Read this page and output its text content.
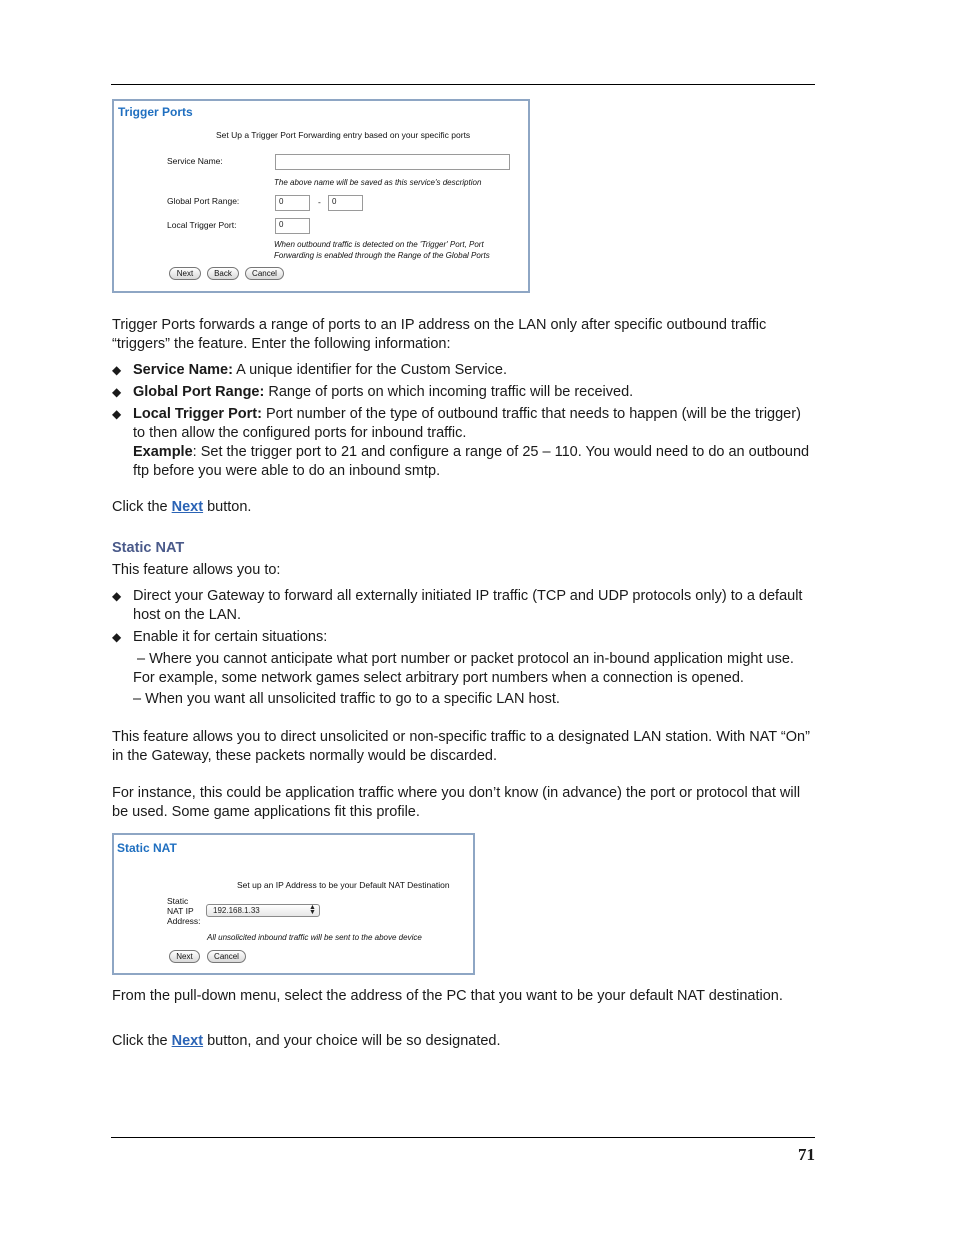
Trigger Ports
Set Up a Trigger Port Forwarding entry based on your specific ports
Service Name:
The above name will be saved as this service's description
Global Port Range:	0	-	0
Local Trigger Port:	0
When outbound traffic is detected on the 'Trigger' Port, Port
Forwarding is enabled through the Range of the Global Ports
Next	Back	Cancel
Trigger Ports forwards a range of ports to an IP address on the LAN only after specific outbound traffic “triggers” the feature. Enter the following information:
◆ Service Name: A unique identifier for the Custom Service.
◆ Global Port Range: Range of ports on which incoming traffic will be received.
◆ Local Trigger Port: Port number of the type of outbound traffic that needs to happen (will be the trigger) to then allow the configured ports for inbound traffic.
Example: Set the trigger port to 21 and configure a range of 25 – 110. You would need to do an outbound ftp before you were able to do an inbound smtp.
Click the Next button.
Static NAT
This feature allows you to:
◆ Direct your Gateway to forward all externally initiated IP traffic (TCP and UDP protocols only) to a default host on the LAN.
◆ Enable it for certain situations:
– Where you cannot anticipate what port number or packet protocol an in-bound application might use. For example, some network games select arbitrary port numbers when a connection is opened.
– When you want all unsolicited traffic to go to a specific LAN host.
This feature allows you to direct unsolicited or non-specific traffic to a designated LAN station. With NAT “On” in the Gateway, these packets normally would be discarded.
For instance, this could be application traffic where you don’t know (in advance) the port or protocol that will be used. Some game applications fit this profile.
Static NAT
Set up an IP Address to be your Default NAT Destination
Static
NAT IP
Address:
192.168.1.33	▲
▼
All unsolicited inbound traffic will be sent to the above device
Next	Cancel
From the pull-down menu, select the address of the PC that you want to be your default NAT destination.
Click the Next button, and your choice will be so designated.
71
